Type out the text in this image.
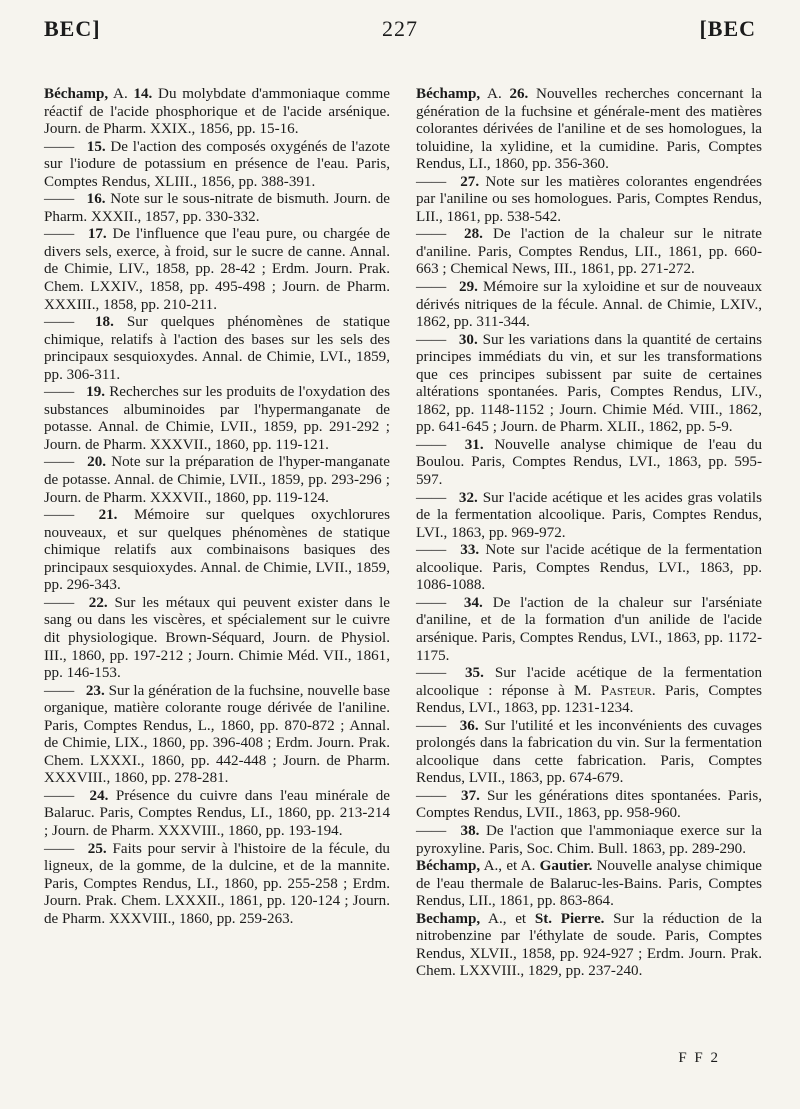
BEC]	227	[BEC

Béchamp, A. 14. Du molybdate d'ammoniaque comme réactif de l'acide phosphorique et de l'acide arsénique. Journ. de Pharm. XXIX., 1856, pp. 15-16.

—— 15. De l'action des composés oxygénés de l'azote sur l'iodure de potassium en présence de l'eau. Paris, Comptes Rendus, XLIII., 1856, pp. 388-391.

—— 16. Note sur le sous-nitrate de bismuth. Journ. de Pharm. XXXII., 1857, pp. 330-332.

—— 17. De l'influence que l'eau pure, ou chargée de divers sels, exerce, à froid, sur le sucre de canne. Annal. de Chimie, LIV., 1858, pp. 28-42 ; Erdm. Journ. Prak. Chem. LXXIV., 1858, pp. 495-498 ; Journ. de Pharm. XXXIII., 1858, pp. 210-211.

—— 18. Sur quelques phénomènes de statique chimique, relatifs à l'action des bases sur les sels des principaux sesquioxydes. Annal. de Chimie, LVI., 1859, pp. 306-311.

—— 19. Recherches sur les produits de l'oxydation des substances albuminoides par l'hypermanganate de potasse. Annal. de Chimie, LVII., 1859, pp. 291-292 ; Journ. de Pharm. XXXVII., 1860, pp. 119-121.

—— 20. Note sur la préparation de l'hyper-manganate de potasse. Annal. de Chimie, LVII., 1859, pp. 293-296 ; Journ. de Pharm. XXXVII., 1860, pp. 119-124.

—— 21. Mémoire sur quelques oxychlorures nouveaux, et sur quelques phénomènes de statique chimique relatifs aux combinaisons basiques des principaux sesquioxydes. Annal. de Chimie, LVII., 1859, pp. 296-343.

—— 22. Sur les métaux qui peuvent exister dans le sang ou dans les viscères, et spécialement sur le cuivre dit physiologique. Brown-Séquard, Journ. de Physiol. III., 1860, pp. 197-212 ; Journ. Chimie Méd. VII., 1861, pp. 146-153.

—— 23. Sur la génération de la fuchsine, nouvelle base organique, matière colorante rouge dérivée de l'aniline. Paris, Comptes Rendus, L., 1860, pp. 870-872 ; Annal. de Chimie, LIX., 1860, pp. 396-408 ; Erdm. Journ. Prak. Chem. LXXXI., 1860, pp. 442-448 ; Journ. de Pharm. XXXVIII., 1860, pp. 278-281.

—— 24. Présence du cuivre dans l'eau minérale de Balaruc. Paris, Comptes Rendus, LI., 1860, pp. 213-214 ; Journ. de Pharm. XXXVIII., 1860, pp. 193-194.

—— 25. Faits pour servir à l'histoire de la fécule, du ligneux, de la gomme, de la dulcine, et de la mannite. Paris, Comptes Rendus, LI., 1860, pp. 255-258 ; Erdm. Journ. Prak. Chem. LXXXII., 1861, pp. 120-124 ; Journ. de Pharm. XXXVIII., 1860, pp. 259-263.

Béchamp, A. 26. Nouvelles recherches concernant la génération de la fuchsine et générale-ment des matières colorantes dérivées de l'aniline et de ses homologues, la toluidine, la xylidine, et la cumidine. Paris, Comptes Rendus, LI., 1860, pp. 356-360.

—— 27. Note sur les matières colorantes engendrées par l'aniline ou ses homologues. Paris, Comptes Rendus, LII., 1861, pp. 538-542.

—— 28. De l'action de la chaleur sur le nitrate d'aniline. Paris, Comptes Rendus, LII., 1861, pp. 660-663 ; Chemical News, III., 1861, pp. 271-272.

—— 29. Mémoire sur la xyloidine et sur de nouveaux dérivés nitriques de la fécule. Annal. de Chimie, LXIV., 1862, pp. 311-344.

—— 30. Sur les variations dans la quantité de certains principes immédiats du vin, et sur les transformations que ces principes subissent par suite de certaines altérations spontanées. Paris, Comptes Rendus, LIV., 1862, pp. 1148-1152 ; Journ. Chimie Méd. VIII., 1862, pp. 641-645 ; Journ. de Pharm. XLII., 1862, pp. 5-9.

—— 31. Nouvelle analyse chimique de l'eau du Boulou. Paris, Comptes Rendus, LVI., 1863, pp. 595-597.

—— 32. Sur l'acide acétique et les acides gras volatils de la fermentation alcoolique. Paris, Comptes Rendus, LVI., 1863, pp. 969-972.

—— 33. Note sur l'acide acétique de la fermentation alcoolique. Paris, Comptes Rendus, LVI., 1863, pp. 1086-1088.

—— 34. De l'action de la chaleur sur l'arséniate d'aniline, et de la formation d'un anilide de l'acide arsénique. Paris, Comptes Rendus, LVI., 1863, pp. 1172-1175.

—— 35. Sur l'acide acétique de la fermentation alcoolique : réponse à M. Pasteur. Paris, Comptes Rendus, LVI., 1863, pp. 1231-1234.

—— 36. Sur l'utilité et les inconvénients des cuvages prolongés dans la fabrication du vin. Sur la fermentation alcoolique dans cette fabrication. Paris, Comptes Rendus, LVII., 1863, pp. 674-679.

—— 37. Sur les générations dites spontanées. Paris, Comptes Rendus, LVII., 1863, pp. 958-960.

—— 38. De l'action que l'ammoniaque exerce sur la pyroxyline. Paris, Soc. Chim. Bull. 1863, pp. 289-290.

Béchamp, A., et A. Gautier. Nouvelle analyse chimique de l'eau thermale de Balaruc-les-Bains. Paris, Comptes Rendus, LII., 1861, pp. 863-864.

Bechamp, A., et St. Pierre. Sur la réduction de la nitrobenzine par l'éthylate de soude. Paris, Comptes Rendus, XLVII., 1858, pp. 924-927 ; Erdm. Journ. Prak. Chem. LXXVIII., 1829, pp. 237-240.

F F 2
